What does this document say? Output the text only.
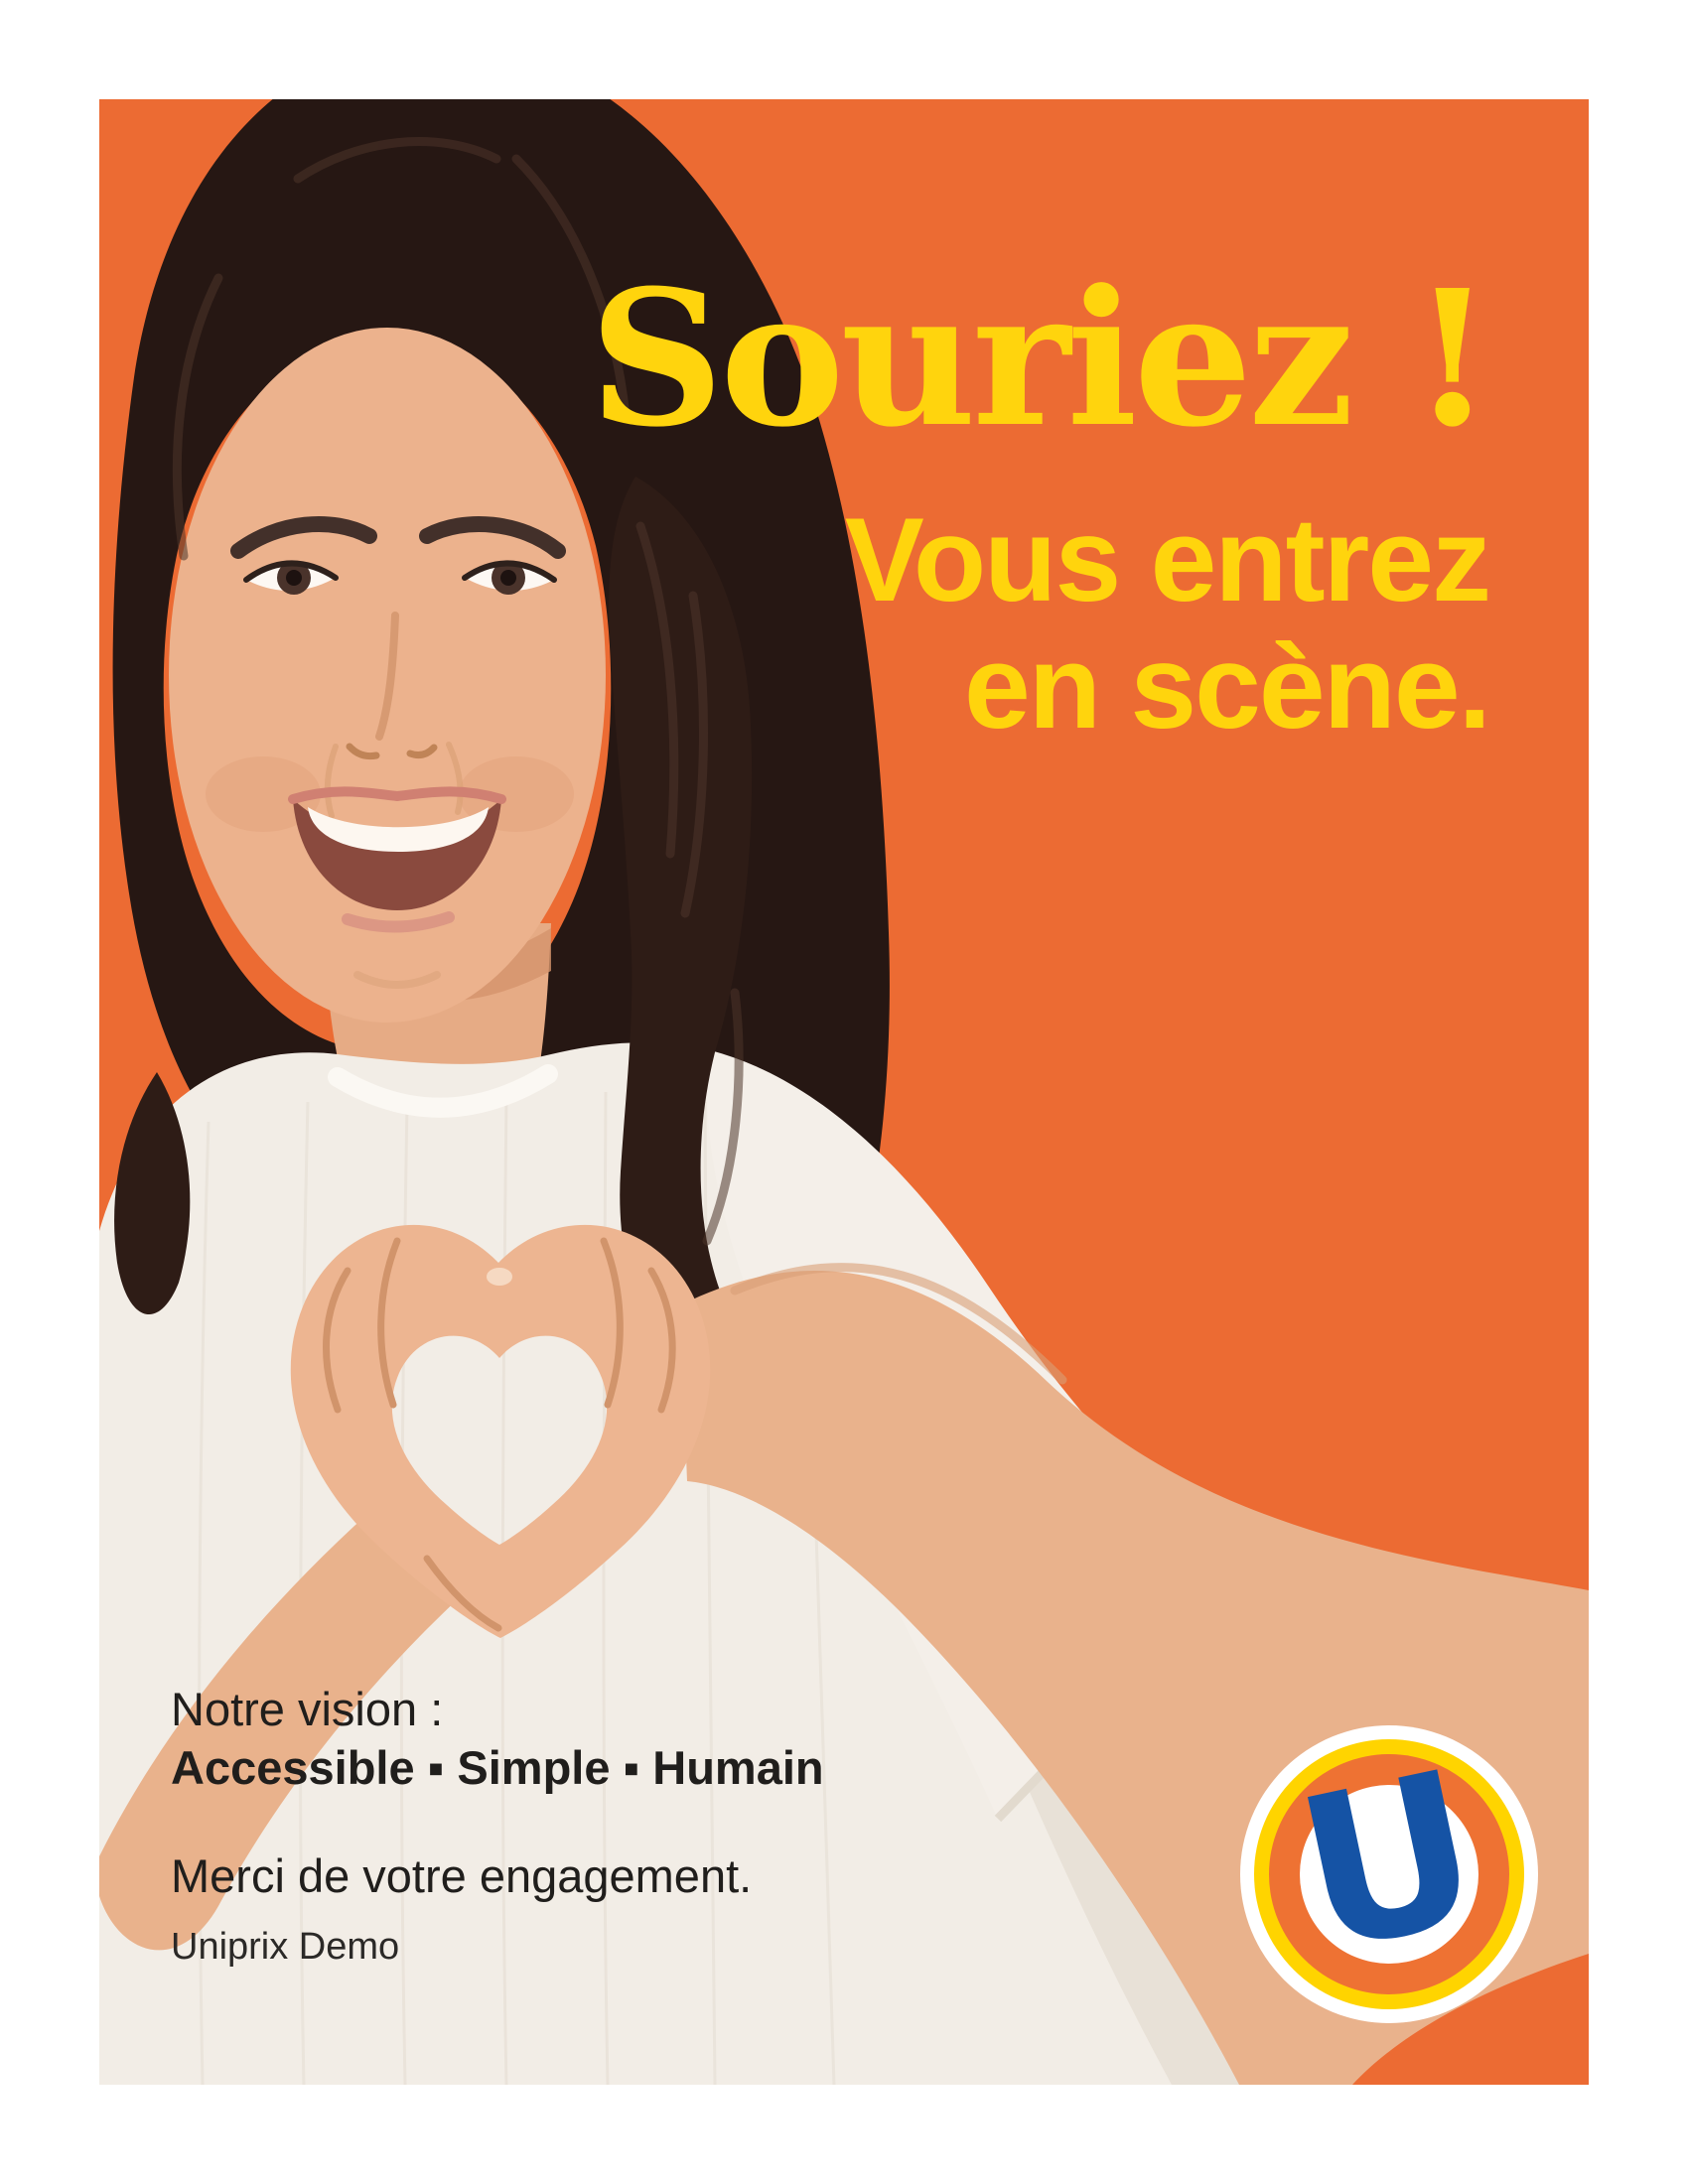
Souriez !
Vous entrez
en scène.
Notre vision :
Accessible ▪ Simple ▪ Humain
Merci de votre engagement.
Uniprix Demo	U
